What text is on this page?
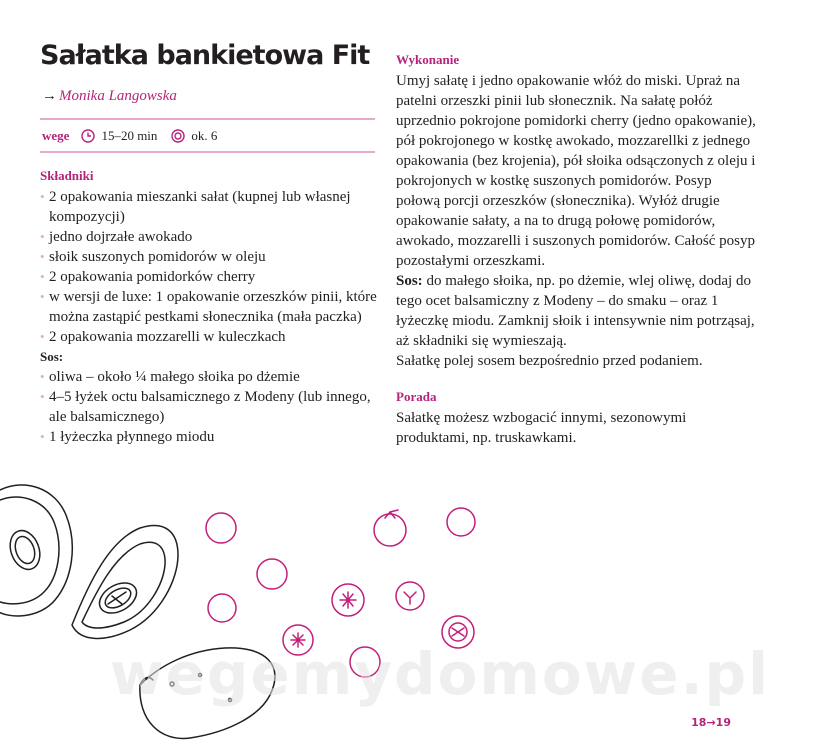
Sałatka bankietowa Fit
→ Monika Langowska
wege 15–20 min	ok. 6
Składniki
• 2 opakowania mieszanki sałat (kupnej lub własnej kompozycji)
• jedno dojrzałe awokado
• słoik suszonych pomidorów w oleju
• 2 opakowania pomidorków cherry
• w wersji de luxe: 1 opakowanie orzeszków pinii, które można zastąpić pestkami słonecznika (mała paczka)
• 2 opakowania mozzarelli w kuleczkach
Sos:
• oliwa – około ¼ małego słoika po dżemie
• 4–5 łyżek octu balsamicznego z Modeny (lub innego, ale balsamicznego)
• 1 łyżeczka płynnego miodu
Wykonanie

Umyj sałatę i jedno opakowanie włóż do miski. Upraż na patelni orzeszki pinii lub słonecznik. Na sałatę połóż uprzednio pokrojone pomidorki cherry (jedno opakowanie), pół pokrojonego w kostkę awokado, mozzarellki z jednego opakowania (bez krojenia), pół słoika odsączonych z oleju i pokrojonych w kostkę suszonych pomidorów. Posyp połową porcji orzeszków (słonecznika). Wyłóż drugie opakowanie sałaty, a na to drugą połowę pomidorów, awokado, mozzarelli i suszonych pomidorów. Całość posyp pozostałymi orzeszkami.

Sos: do małego słoika, np. po dżemie, wlej oliwę, dodaj do tego ocet balsamiczny z Modeny – do smaku – oraz 1 łyżeczkę miodu. Zamknij słoik i intensywnie nim potrząsaj, aż składniki się wymieszają.

Sałatkę polej sosem bezpośrednio przed podaniem.

Porada

Sałatkę możesz wzbogacić innymi, sezonowymi produktami, np. truskawkami.

wegemydomowe.pl
18→19
